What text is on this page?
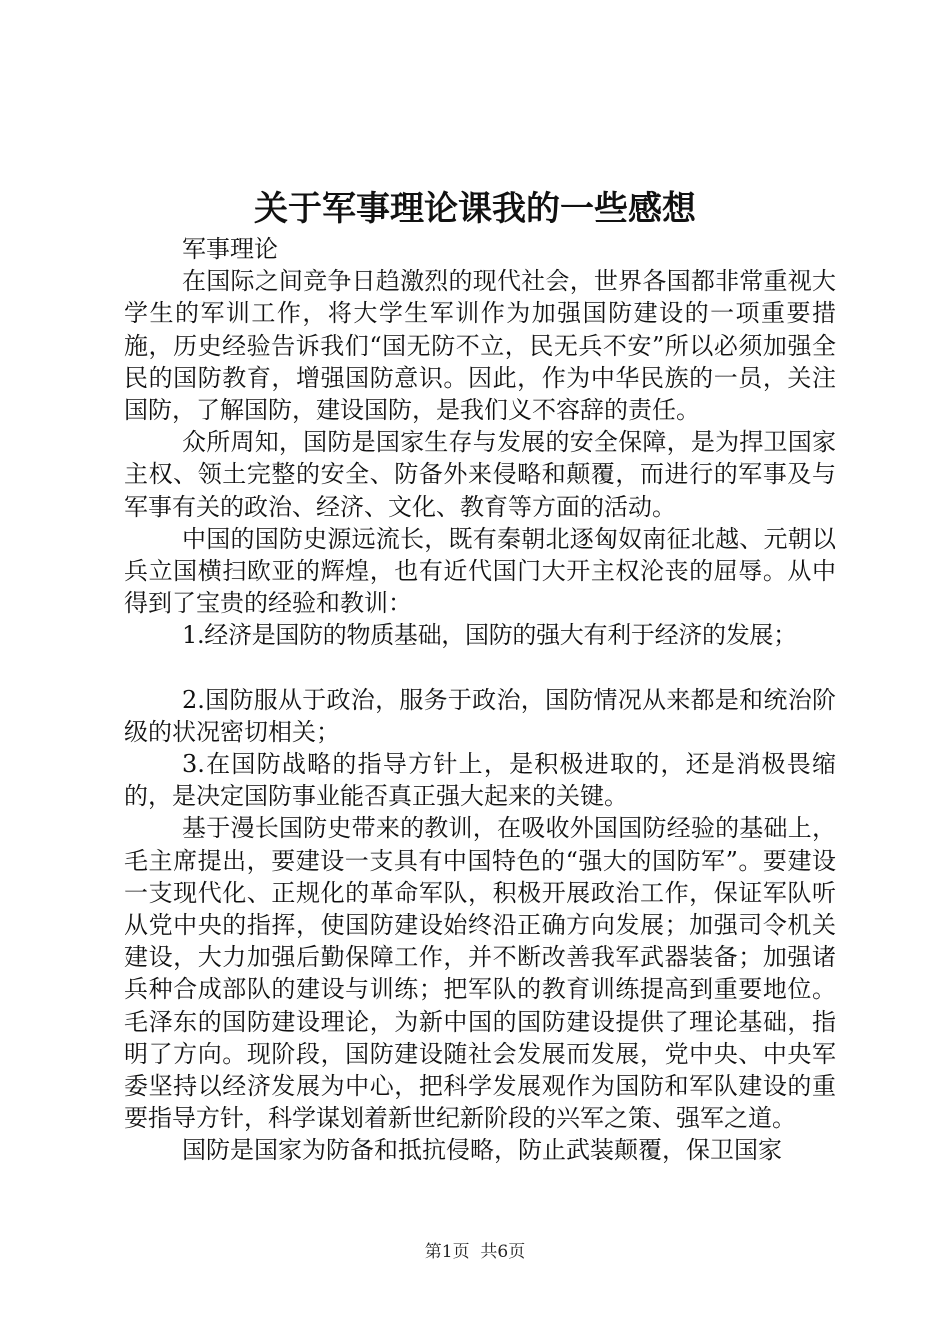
关于军事理论课我的一些感想

军事理论

在国际之间竞争日趋激烈的现代社会，世界各国都非常重视大学生的军训工作，将大学生军训作为加强国防建设的一项重要措施，历史经验告诉我们“国无防不立，民无兵不安”所以必须加强全民的国防教育，增强国防意识。因此，作为中华民族的一员，关注国防，了解国防，建设国防，是我们义不容辞的责任。

众所周知，国防是国家生存与发展的安全保障，是为捍卫国家主权、领土完整的安全、防备外来侵略和颠覆，而进行的军事及与军事有关的政治、经济、文化、教育等方面的活动。

中国的国防史源远流长，既有秦朝北逐匈奴南征北越、元朝以兵立国横扫欧亚的辉煌，也有近代国门大开主权沦丧的屈辱。从中得到了宝贵的经验和教训：

1.经济是国防的物质基础，国防的强大有利于经济的发展；

2.国防服从于政治，服务于政治，国防情况从来都是和统治阶级的状况密切相关；

3.在国防战略的指导方针上，是积极进取的，还是消极畏缩的，是决定国防事业能否真正强大起来的关键。

基于漫长国防史带来的教训，在吸收外国国防经验的基础上，毛主席提出，要建设一支具有中国特色的“强大的国防军”。要建设一支现代化、正规化的革命军队，积极开展政治工作，保证军队听从党中央的指挥，使国防建设始终沿正确方向发展；加强司令机关建设，大力加强后勤保障工作，并不断改善我军武器装备；加强诸兵种合成部队的建设与训练；把军队的教育训练提高到重要地位。毛泽东的国防建设理论，为新中国的国防建设提供了理论基础，指明了方向。现阶段，国防建设随社会发展而发展，党中央、中央军委坚持以经济发展为中心，把科学发展观作为国防和军队建设的重要指导方针，科学谋划着新世纪新阶段的兴军之策、强军之道。

国防是国家为防备和抵抗侵略，防止武装颠覆，保卫国家

第1页  共6页
